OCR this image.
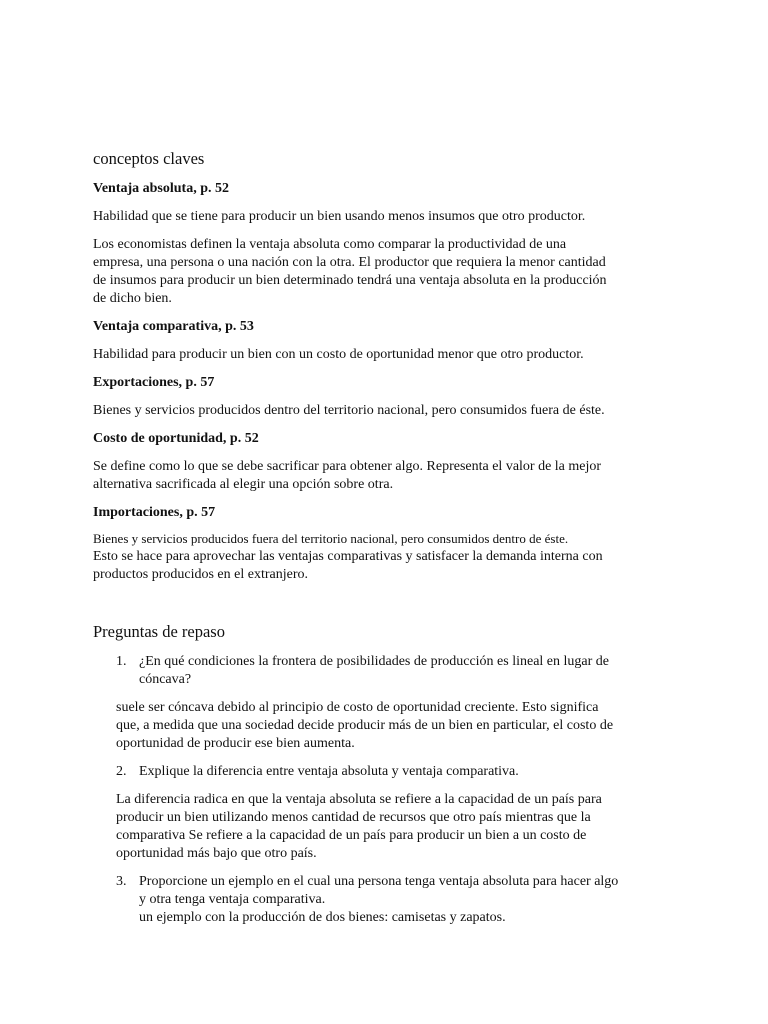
conceptos claves

Ventaja absoluta, p. 52

Habilidad que se tiene para producir un bien usando menos insumos que otro productor.

Los economistas definen la ventaja absoluta como comparar la productividad de una
empresa, una persona o una nación con la otra. El productor que requiera la menor cantidad
de insumos para producir un bien determinado tendrá una ventaja absoluta en la producción
de dicho bien.

Ventaja comparativa, p. 53

Habilidad para producir un bien con un costo de oportunidad menor que otro productor.

Exportaciones, p. 57

Bienes y servicios producidos dentro del territorio nacional, pero consumidos fuera de éste.

Costo de oportunidad, p. 52

Se define como lo que se debe sacrificar para obtener algo. Representa el valor de la mejor
alternativa sacrificada al elegir una opción sobre otra.

Importaciones, p. 57

Bienes y servicios producidos fuera del territorio nacional, pero consumidos dentro de éste.

Esto se hace para aprovechar las ventajas comparativas y satisfacer la demanda interna con
productos producidos en el extranjero.

Preguntas de repaso

1. ¿En qué condiciones la frontera de posibilidades de producción es lineal en lugar de
cóncava?

suele ser cóncava debido al principio de costo de oportunidad creciente. Esto significa
que, a medida que una sociedad decide producir más de un bien en particular, el costo de
oportunidad de producir ese bien aumenta.

2. Explique la diferencia entre ventaja absoluta y ventaja comparativa.

La diferencia radica en que la ventaja absoluta se refiere a la capacidad de un país para
producir un bien utilizando menos cantidad de recursos que otro país mientras que la
comparativa Se refiere a la capacidad de un país para producir un bien a un costo de
oportunidad más bajo que otro país.

3. Proporcione un ejemplo en el cual una persona tenga ventaja absoluta para hacer algo
y otra tenga ventaja comparativa.
un ejemplo con la producción de dos bienes: camisetas y zapatos.
